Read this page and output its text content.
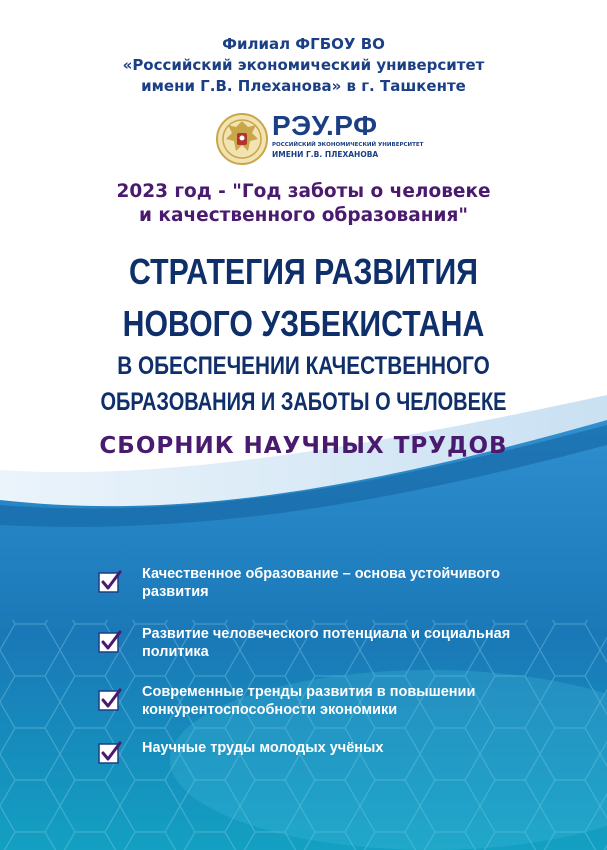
Филиал ФГБОУ ВО
«Российский экономический университет
имени Г.В. Плеханова» в г. Ташкенте
РЭУ.РФ
РОССИЙСКИЙ ЭКОНОМИЧЕСКИЙ УНИВЕРСИТЕТ
ИМЕНИ Г.В. ПЛЕХАНОВА
2023 год - "Год заботы о человеке
и качественного образования"
СТРАТЕГИЯ РАЗВИТИЯ
НОВОГО УЗБЕКИСТАНА
В ОБЕСПЕЧЕНИИ КАЧЕСТВЕННОГО
ОБРАЗОВАНИЯ И ЗАБОТЫ О ЧЕЛОВЕКЕ
СБОРНИК НАУЧНЫХ ТРУДОВ
Качественное образование – основа устойчивого
развития
Развитие человеческого потенциала и социальная
политика
Современные тренды развития в повышении
конкурентоспособности экономики
Научные труды молодых учёных
